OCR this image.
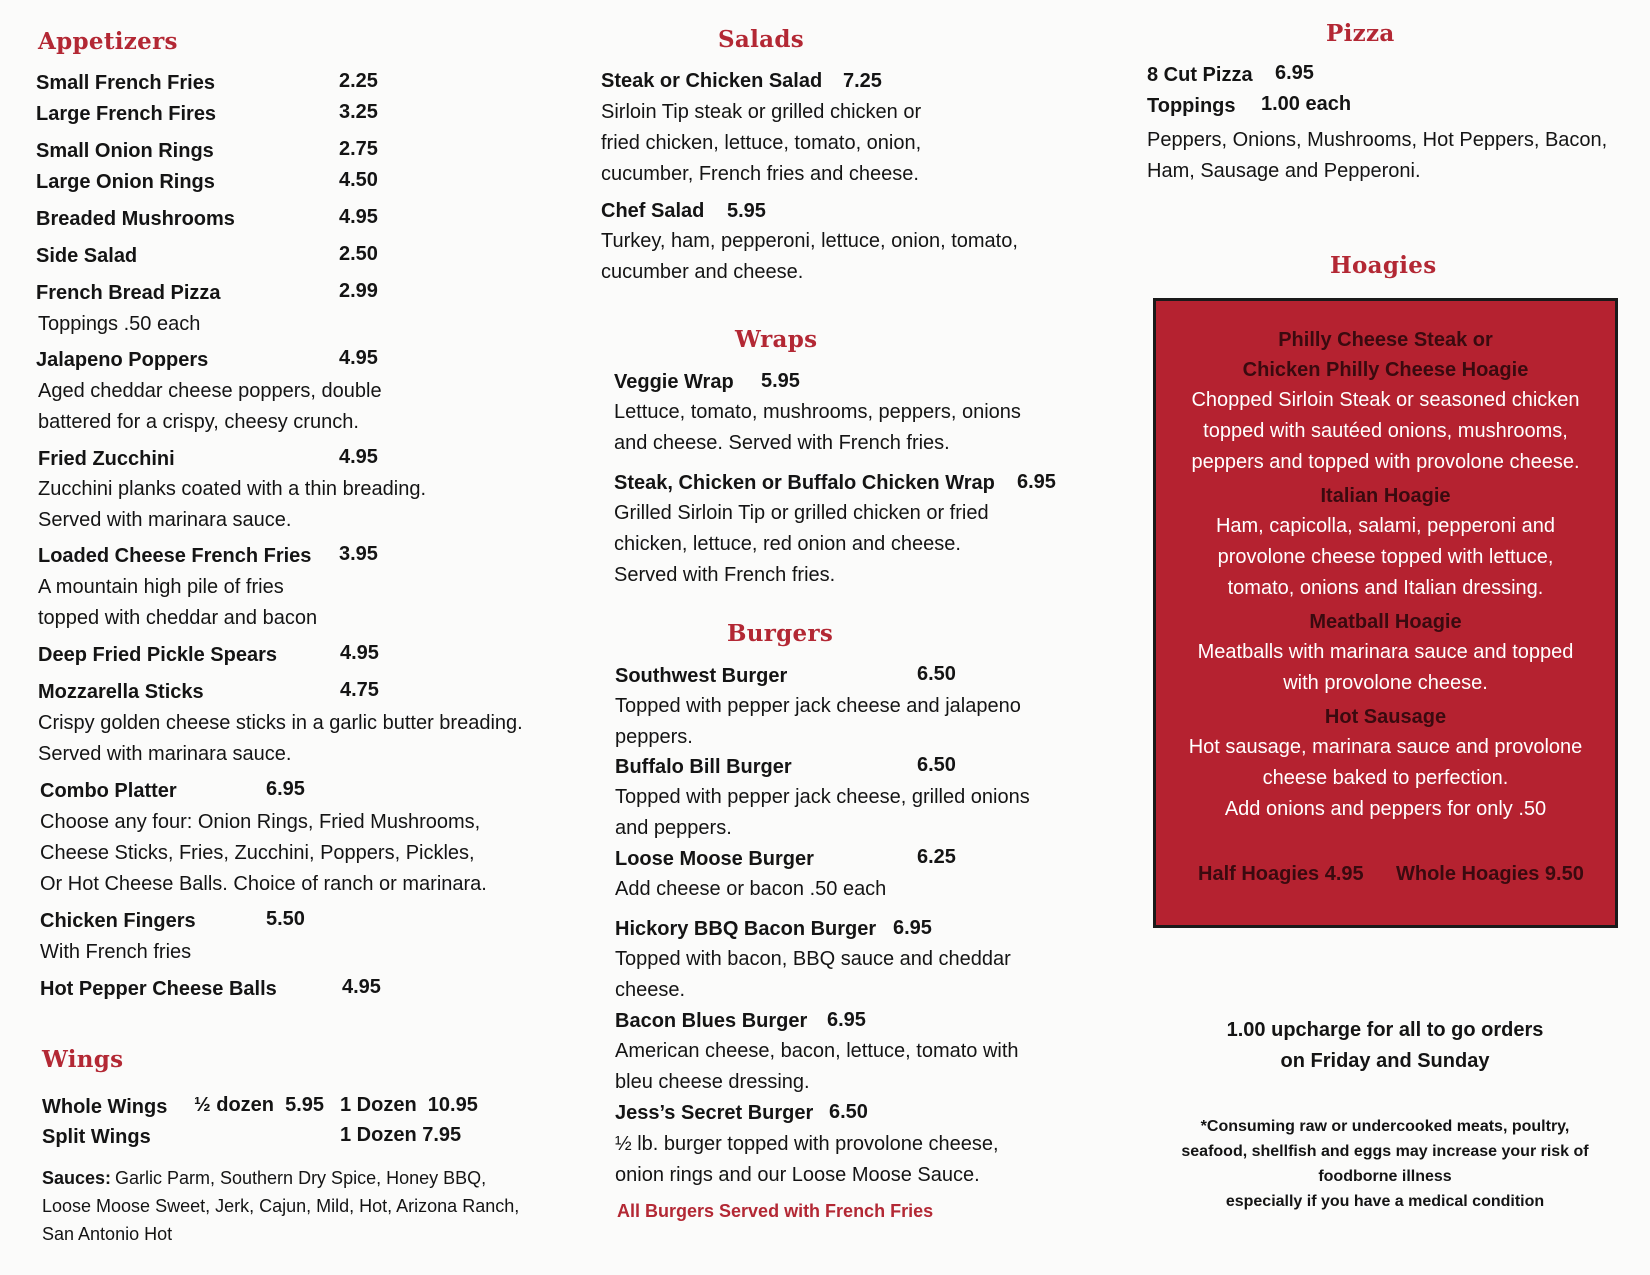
Appetizers
Small French Fries	2.25
Large French Fires	3.25
Small Onion Rings	2.75
Large Onion Rings	4.50
Breaded Mushrooms	4.95
Side Salad	2.50
French Bread Pizza	2.99
Toppings .50 each
Jalapeno Poppers	4.95
Aged cheddar cheese poppers, double
battered for a crispy, cheesy crunch.
Fried Zucchini	4.95
Zucchini planks coated with a thin breading.
Served with marinara sauce.
Loaded Cheese French Fries 3.95
A mountain high pile of fries
topped with cheddar and bacon
Deep Fried Pickle Spears	4.95
Mozzarella Sticks	4.75
Crispy golden cheese sticks in a garlic butter breading.
Served with marinara sauce.
Combo Platter	6.95
Choose any four: Onion Rings, Fried Mushrooms,
Cheese Sticks, Fries, Zucchini, Poppers, Pickles,
Or Hot Cheese Balls. Choice of ranch or marinara.
Chicken Fingers	5.50
With French fries
Hot Pepper Cheese Balls	4.95
Wings
Whole Wings ½ dozen  5.95 1 Dozen  10.95
Split Wings	1 Dozen 7.95
Sauces: Garlic Parm, Southern Dry Spice, Honey BBQ,
Loose Moose Sweet, Jerk, Cajun, Mild, Hot, Arizona Ranch,
San Antonio Hot
Salads
Steak or Chicken Salad 7.25
Sirloin Tip steak or grilled chicken or
fried chicken, lettuce, tomato, onion,
cucumber, French fries and cheese.
Chef Salad 5.95
Turkey, ham, pepperoni, lettuce, onion, tomato,
cucumber and cheese.
Wraps
Veggie Wrap 5.95
Lettuce, tomato, mushrooms, peppers, onions
and cheese. Served with French fries.
Steak, Chicken or Buffalo Chicken Wrap 6.95
Grilled Sirloin Tip or grilled chicken or fried
chicken, lettuce, red onion and cheese.
Served with French fries.
Burgers
Southwest Burger	6.50
Topped with pepper jack cheese and jalapeno
peppers.
Buffalo Bill Burger	6.50
Topped with pepper jack cheese, grilled onions
and peppers.
Loose Moose Burger	6.25
Add cheese or bacon .50 each
Hickory BBQ Bacon Burger 6.95
Topped with bacon, BBQ sauce and cheddar
cheese.
Bacon Blues Burger 6.95
American cheese, bacon, lettuce, tomato with
bleu cheese dressing.
Jess’s Secret Burger 6.50
½ lb. burger topped with provolone cheese,
onion rings and our Loose Moose Sauce.
All Burgers Served with French Fries
Pizza
8 Cut Pizza 6.95
Toppings 1.00 each
Peppers, Onions, Mushrooms, Hot Peppers, Bacon,
Ham, Sausage and Pepperoni.
Hoagies
Philly Cheese Steak or
Chicken Philly Cheese Hoagie
Chopped Sirloin Steak or seasoned chicken
topped with sautéed onions, mushrooms,
peppers and topped with provolone cheese.
Italian Hoagie
Ham, capicolla, salami, pepperoni and
provolone cheese topped with lettuce,
tomato, onions and Italian dressing.
Meatball Hoagie
Meatballs with marinara sauce and topped
with provolone cheese.
Hot Sausage
Hot sausage, marinara sauce and provolone
cheese baked to perfection.
Add onions and peppers for only .50
Half Hoagies 4.95 Whole Hoagies 9.50
1.00 upcharge for all to go orders
on Friday and Sunday
*Consuming raw or undercooked meats, poultry,
seafood, shellfish and eggs may increase your risk of
foodborne illness
especially if you have a medical condition
